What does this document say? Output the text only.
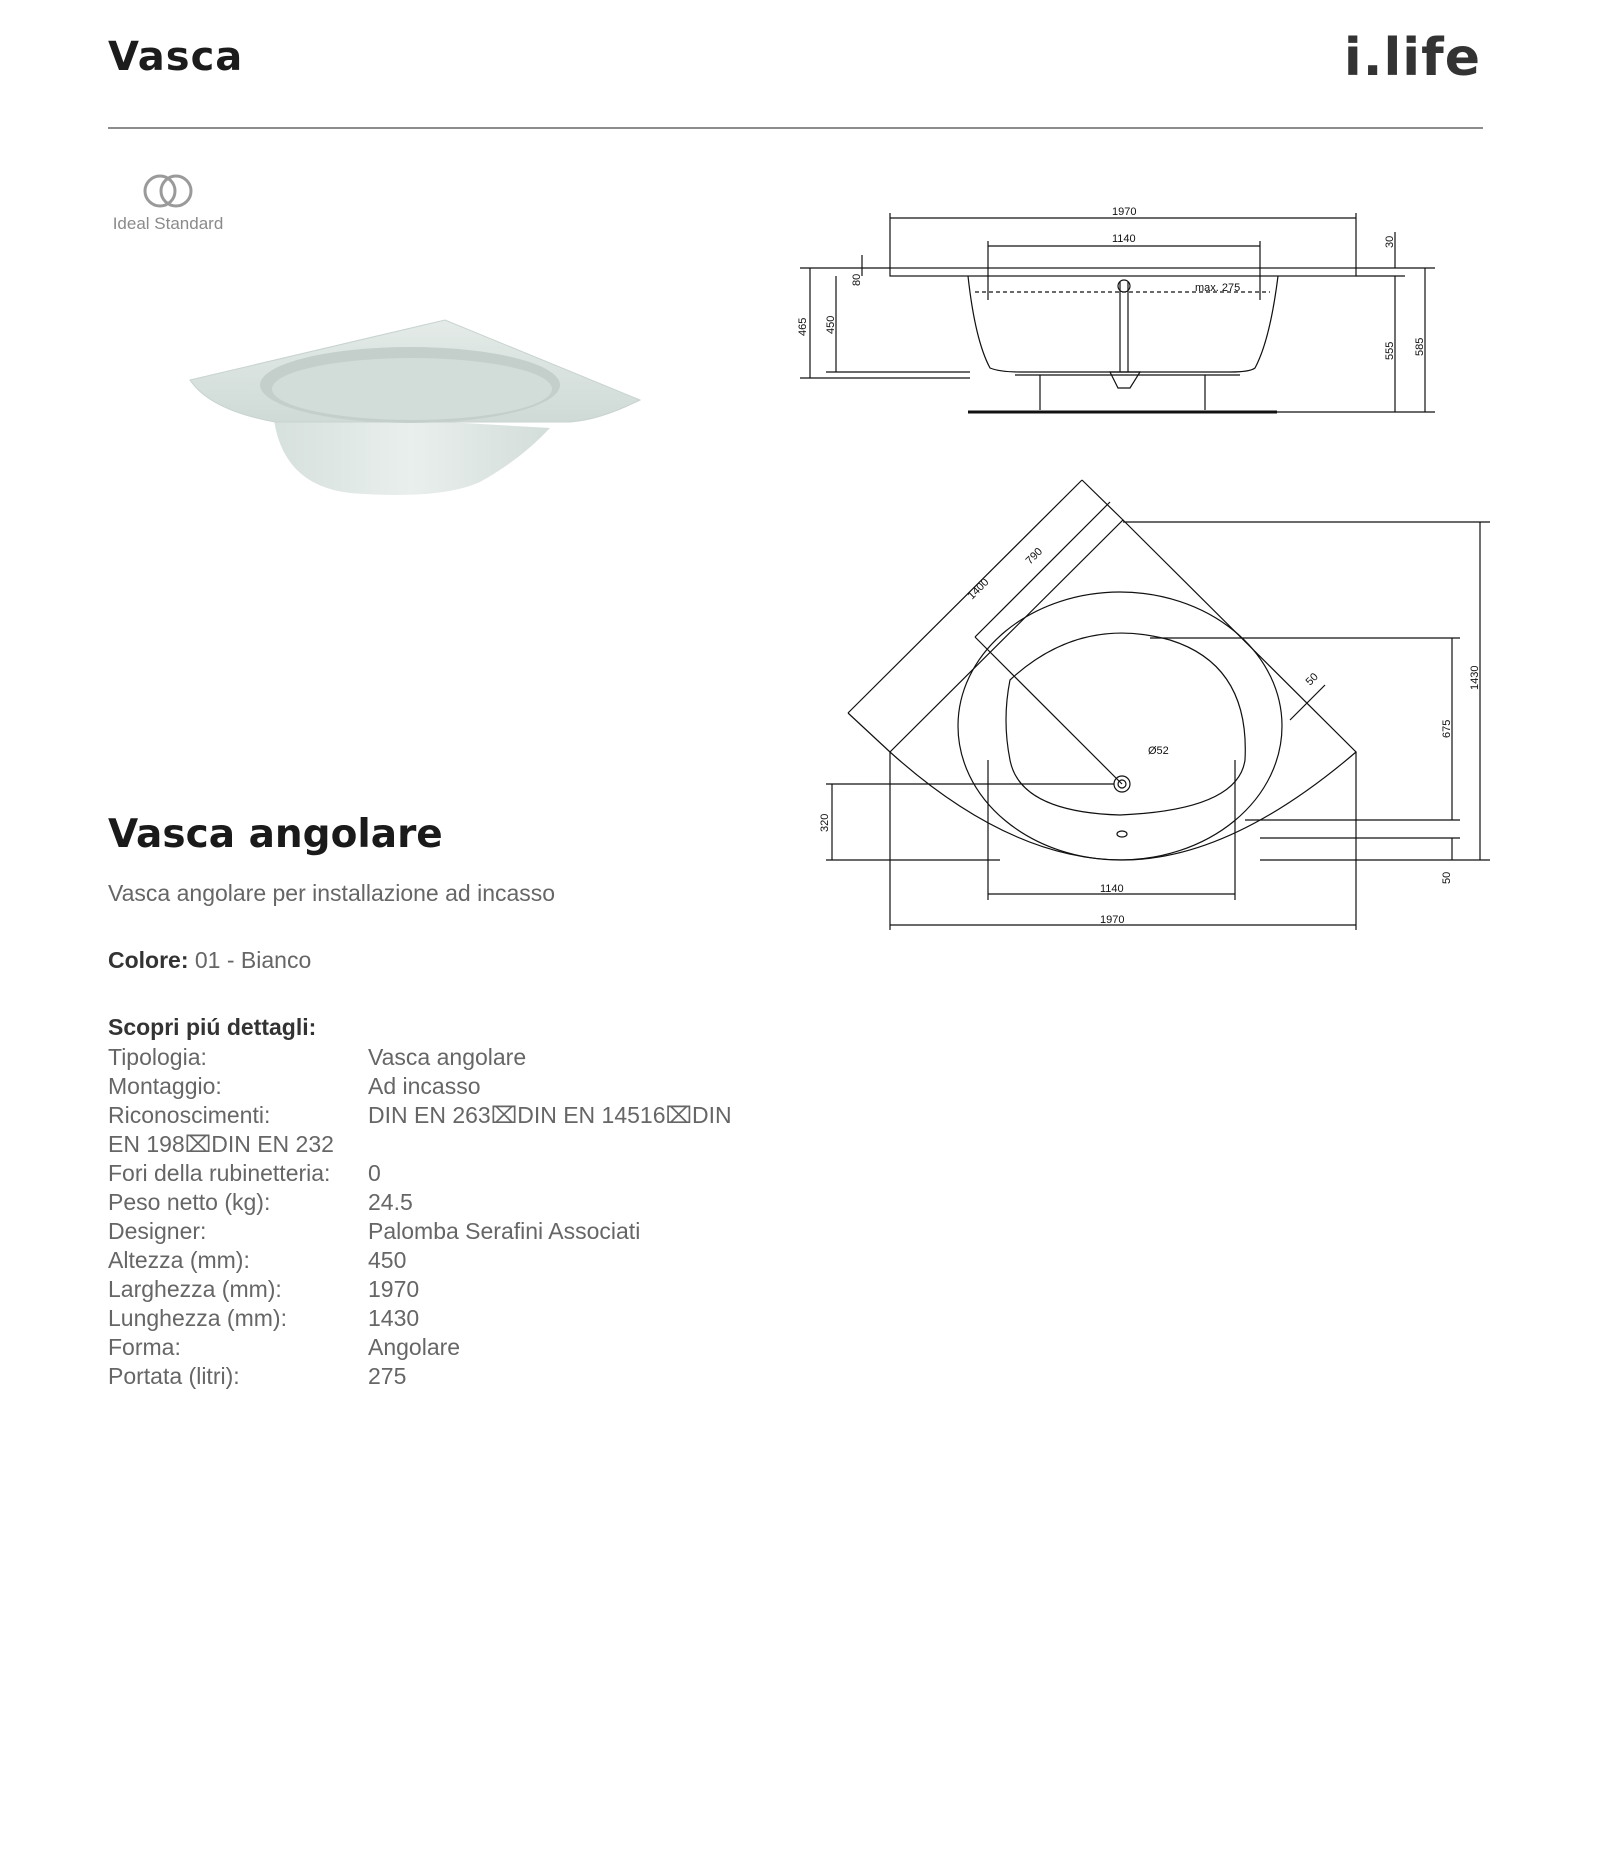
Vasca	i.life
Ideal Standard
Vasca angolare
Vasca angolare per installazione ad incasso
Colore: 01 - Bianco
Scopri piú dettagli:
Tipologia:	Vasca angolare
Montaggio:	Ad incasso
Riconoscimenti:	DIN EN 263⌧DIN EN 14516⌧DIN
EN 198⌧DIN EN 232
Fori della rubinetteria: 0
Peso netto (kg):	24.5
Designer:	Palomba Serafini Associati
Altezza (mm):	450
Larghezza (mm):	1970
Lunghezza (mm):	1430
Forma:	Angolare
Portata (litri):	275
1970
1140
max. 275
30
80
465 450
555 585
1400
790
50
Ø52
1430
675
320
50
1140
1970
